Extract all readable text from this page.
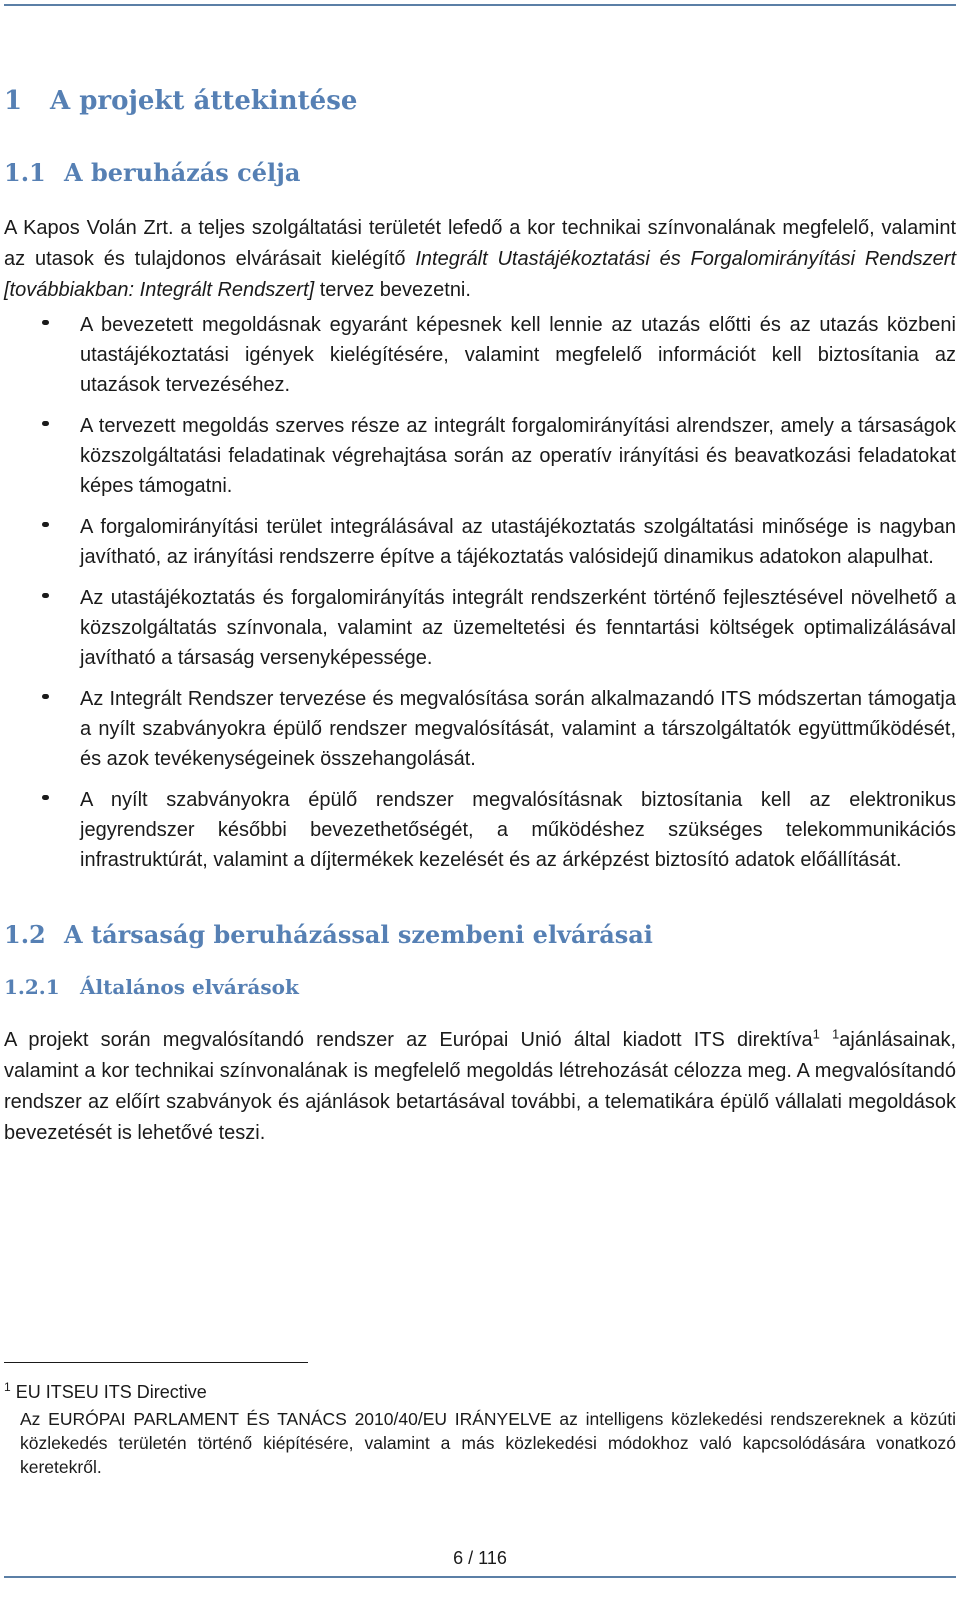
1	A projekt áttekintése
1.1 A beruházás célja

A Kapos Volán Zrt. a teljes szolgáltatási területét lefedő a kor technikai színvonalának megfelelő, valamint az utasok és tulajdonos elvárásait kielégítő Integrált Utastájékoztatási és Forgalomirányítási Rendszert [továbbiakban: Integrált Rendszert] tervez bevezetni.

A bevezetett megoldásnak egyaránt képesnek kell lennie az utazás előtti és az utazás közbeni utastájékoztatási igények kielégítésére, valamint megfelelő információt kell biztosítania az utazások tervezéséhez.
A tervezett megoldás szerves része az integrált forgalomirányítási alrendszer, amely a társaságok közszolgáltatási feladatinak végrehajtása során az operatív irányítási és beavatkozási feladatokat képes támogatni.
A forgalomirányítási terület integrálásával az utastájékoztatás szolgáltatási minősége is nagyban javítható, az irányítási rendszerre építve a tájékoztatás valósidejű dinamikus adatokon alapulhat.
Az utastájékoztatás és forgalomirányítás integrált rendszerként történő fejlesztésével növelhető a közszolgáltatás színvonala, valamint az üzemeltetési és fenntartási költségek optimalizálásával javítható a társaság versenyképessége.
Az Integrált Rendszer tervezése és megvalósítása során alkalmazandó ITS módszertan támogatja a nyílt szabványokra épülő rendszer megvalósítását, valamint a társzolgáltatók együttműködését, és azok tevékenységeinek összehangolását.
A nyílt szabványokra épülő rendszer megvalósításnak biztosítania kell az elektronikus jegyrendszer későbbi bevezethetőségét, a működéshez szükséges telekommunikációs infrastruktúrát, valamint a díjtermékek kezelését és az árképzést biztosító adatok előállítását.
1.2 A társaság beruházással szembeni elvárásai
1.2.1	Általános elvárások

A projekt során megvalósítandó rendszer az Európai Unió által kiadott ITS direktíva$^1$ $^1$ajánlásainak, valamint a kor technikai színvonalának is megfelelő megoldás létrehozását célozza meg. A megvalósítandó rendszer az előírt szabványok és ajánlások betartásával további, a telematikára épülő vállalati megoldások bevezetését is lehetővé teszi.

$^1$ EU ITSEU ITS Directive
Az EURÓPAI PARLAMENT ÉS TANÁCS 2010/40/EU IRÁNYELVE az intelligens közlekedési rendszereknek a közúti közlekedés területén történő kiépítésére, valamint a más közlekedési módokhoz való kapcsolódására vonatkozó keretekről.
6 / 116
